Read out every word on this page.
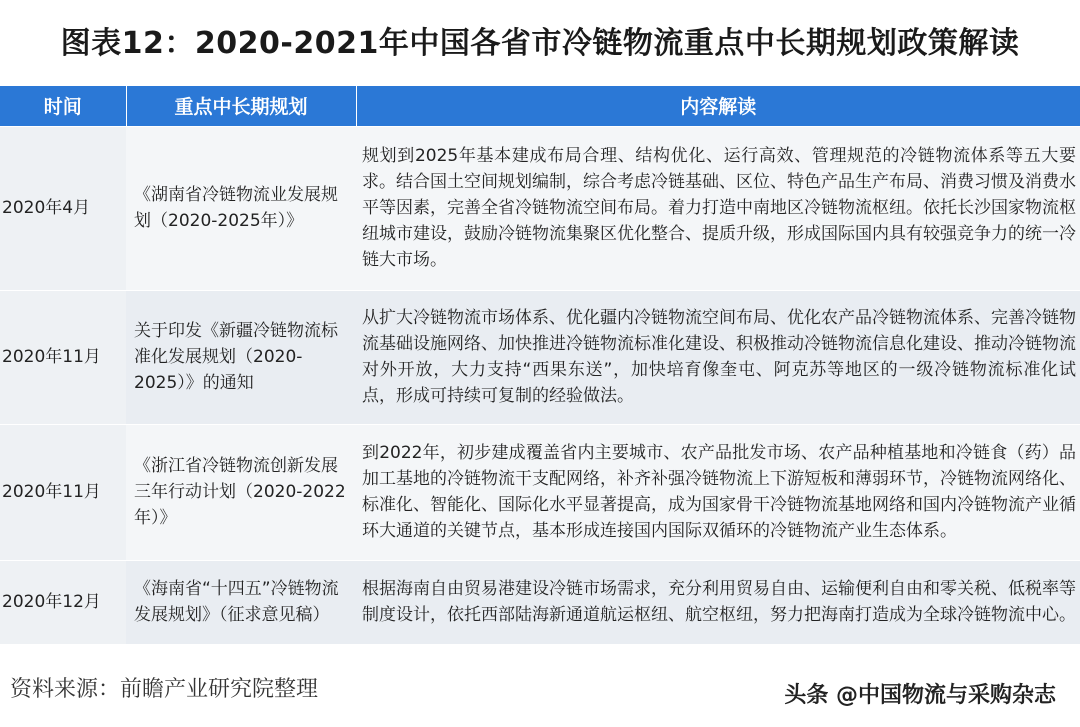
图表12：2020-2021年中国各省市冷链物流重点中长期规划政策解读
时间	重点中长期规划	内容解读
2020年4月	《湖南省冷链物流业发展规划（2020-2025年）》	规划到2025年基本建成布局合理、结构优化、运行高效、管理规范的冷链物流体系等五大要求。结合国土空间规划编制，综合考虑冷链基础、区位、特色产品生产布局、消费习惯及消费水平等因素，完善全省冷链物流空间布局。着力打造中南地区冷链物流枢纽。依托长沙国家物流枢纽城市建设，鼓励冷链物流集聚区优化整合、提质升级，形成国际国内具有较强竞争力的统一冷链大市场。
2020年11月	关于印发《新疆冷链物流标准化发展规划（2020-2025）》的通知	从扩大冷链物流市场体系、优化疆内冷链物流空间布局、优化农产品冷链物流体系、完善冷链物流基础设施网络、加快推进冷链物流标准化建设、积极推动冷链物流信息化建设、推动冷链物流对外开放，大力支持“西果东送”，加快培育像奎屯、阿克苏等地区的一级冷链物流标准化试点，形成可持续可复制的经验做法。
2020年11月	《浙江省冷链物流创新发展三年行动计划（2020-2022年）》	到2022年，初步建成覆盖省内主要城市、农产品批发市场、农产品种植基地和冷链食（药）品加工基地的冷链物流干支配网络，补齐补强冷链物流上下游短板和薄弱环节，冷链物流网络化、标准化、智能化、国际化水平显著提高，成为国家骨干冷链物流基地网络和国内冷链物流产业循环大通道的关键节点，基本形成连接国内国际双循环的冷链物流产业生态体系。
2020年12月	《海南省“十四五”冷链物流发展规划》（征求意见稿）	根据海南自由贸易港建设冷链市场需求，充分利用贸易自由、运输便利自由和零关税、低税率等制度设计，依托西部陆海新通道航运枢纽、航空枢纽，努力把海南打造成为全球冷链物流中心。
资料来源：前瞻产业研究院整理	头条 @中国物流与采购杂志
